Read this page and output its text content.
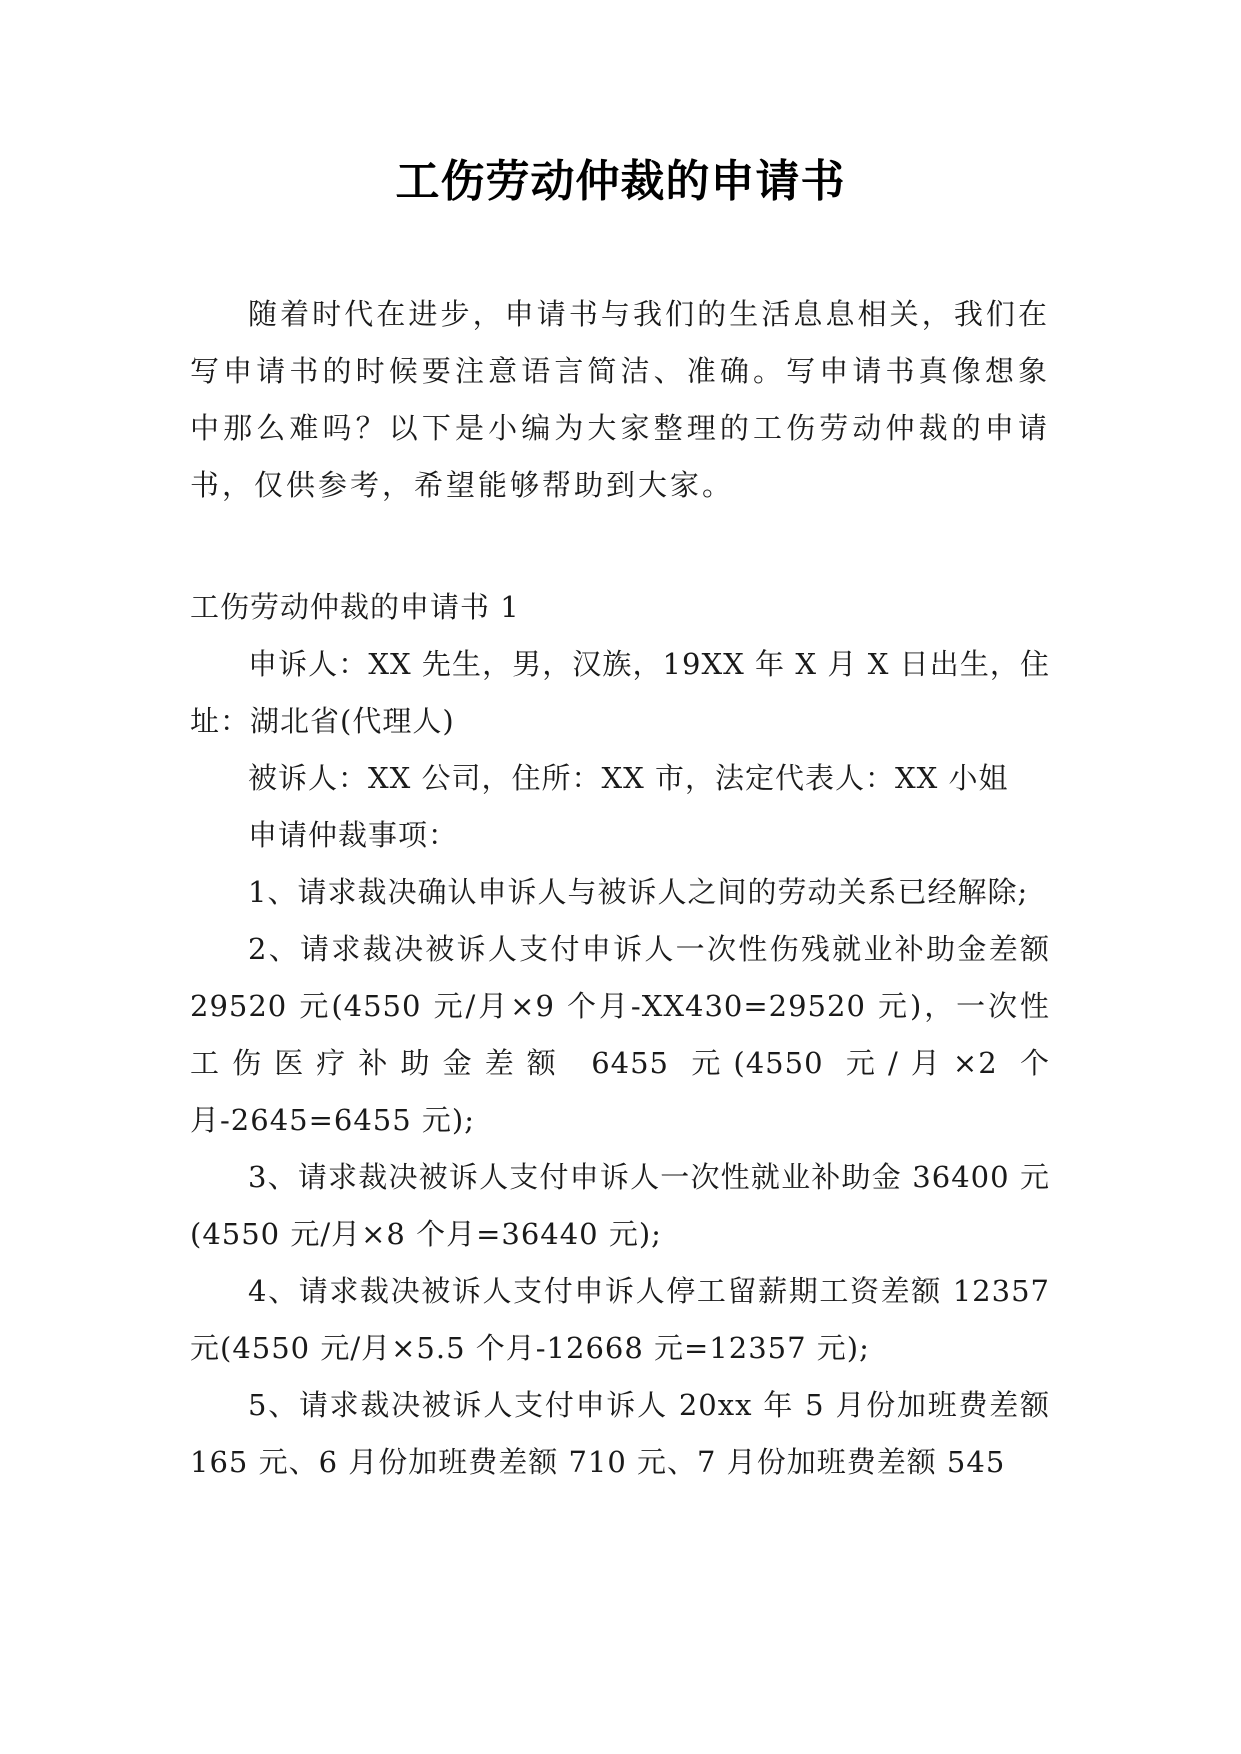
工伤劳动仲裁的申请书

随着时代在进步，申请书与我们的生活息息相关，我们在写申请书的时候要注意语言简洁、准确。写申请书真像想象中那么难吗？以下是小编为大家整理的工伤劳动仲裁的申请书，仅供参考，希望能够帮助到大家。

工伤劳动仲裁的申请书 1

申诉人：XX 先生，男，汉族，19XX 年 X 月 X 日出生，住址：湖北省(代理人)

被诉人：XX 公司，住所：XX 市，法定代表人：XX 小姐

申请仲裁事项：

1、请求裁决确认申诉人与被诉人之间的劳动关系已经解除;

2、请求裁决被诉人支付申诉人一次性伤残就业补助金差额 29520 元(4550 元/月×9 个月-XX430=29520 元)，一次性工伤医疗补助金差额 6455 元(4550 元/月×2 个月-2645=6455 元);

3、请求裁决被诉人支付申诉人一次性就业补助金 36400 元(4550 元/月×8 个月=36440 元);

4、请求裁决被诉人支付申诉人停工留薪期工资差额 12357 元(4550 元/月×5.5 个月-12668 元=12357 元);

5、请求裁决被诉人支付申诉人 20xx 年 5 月份加班费差额 165 元、6 月份加班费差额 710 元、7 月份加班费差额 545
